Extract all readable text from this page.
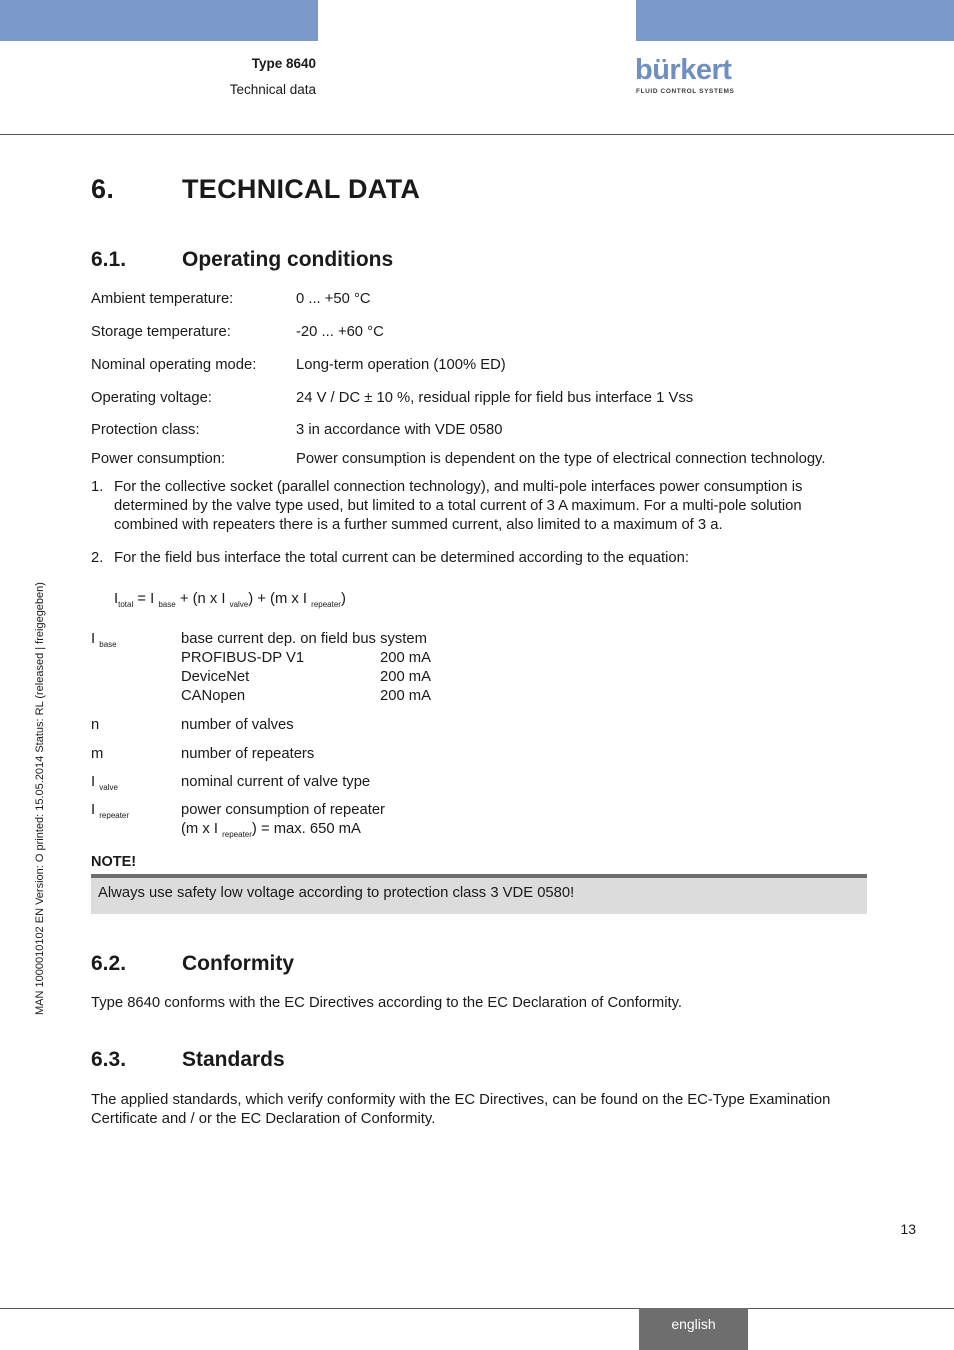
Type 8640
Technical data
bürkert
FLUID CONTROL SYSTEMS
6.	TECHNICAL DATA
6.1.	Operating conditions
Ambient temperature:	0 ... +50 °C
Storage temperature:	-20 ... +60 °C
Nominal operating mode:	Long-term operation (100% ED)
Operating voltage:	24 V / DC ± 10 %, residual ripple for field bus interface 1 Vss
Protection class:	3 in accordance with VDE 0580
Power consumption:	Power consumption is dependent on the type of electrical connection technology.
1. For the collective socket (parallel connection technology), and multi-pole interfaces power consumption is
determined by the valve type used, but limited to a total current of 3 A maximum. For a multi-pole solution
combined with repeaters there is a further summed current, also limited to a maximum of 3 a.
2. For the field bus interface the total current can be determined according to the equation:
$I_{total} = I$ $_{base}$ + (n x I $_{valve}$) + (m x I $_{repeater}$)
I $_{base}$	base current dep. on field bus system
PROFIBUS-DP V1	200 mA
DeviceNet	200 mA
CANopen	200 mA
n	number of valves
m	number of repeaters
I $_{valve}$	nominal current of valve type
I $_{repeater}$	power consumption of repeater
(m x I $_{repeater}$) = max. 650 mA
NOTE!
Always use safety low voltage according to protection class 3 VDE 0580!
6.2.	Conformity
Type 8640 conforms with the EC Directives according to the EC Declaration of Conformity.
6.3.	Standards
The applied standards, which verify conformity with the EC Directives, can be found on the EC-Type Examination
Certificate and / or the EC Declaration of Conformity.
MAN 1000010102 EN Version: O printed: 15.05.2014 Status: RL (released | freigegeben)
13
english
